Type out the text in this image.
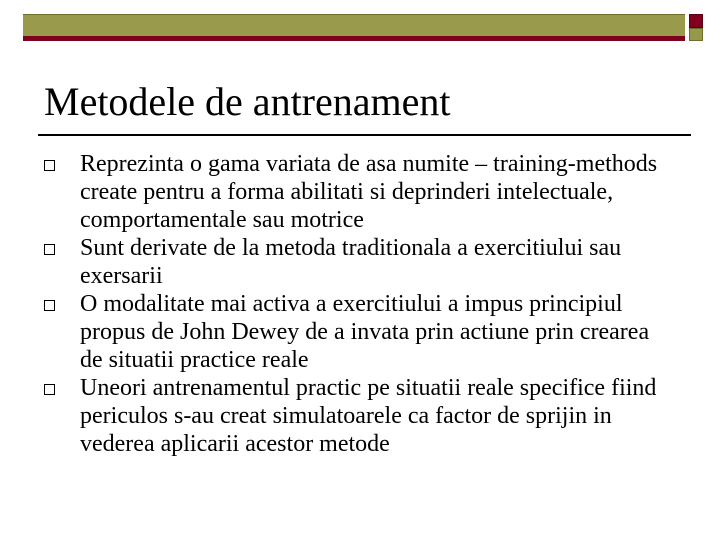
Metodele de antrenament
Reprezinta o gama variata de asa numite – training-methods create pentru a forma abilitati si deprinderi intelectuale, comportamentale sau motrice
Sunt derivate de la metoda traditionala a exercitiului sau exersarii
O modalitate mai activa a exercitiului a impus principiul propus de John Dewey de a invata prin actiune prin crearea de situatii practice reale
Uneori antrenamentul practic pe situatii reale specifice fiind periculos s-au creat simulatoarele ca factor de sprijin in vederea aplicarii acestor metode
